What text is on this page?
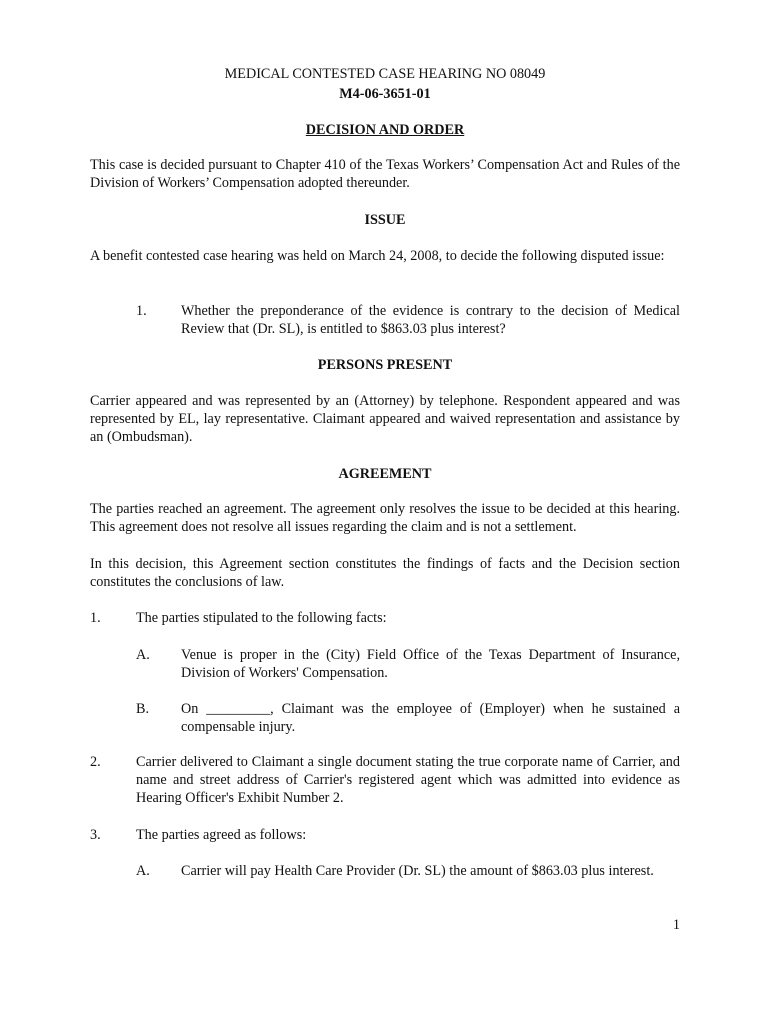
MEDICAL CONTESTED CASE HEARING NO 08049
M4-06-3651-01
DECISION AND ORDER
This case is decided pursuant to Chapter 410 of the Texas Workers’ Compensation Act and Rules of the Division of Workers’ Compensation adopted thereunder.
ISSUE
A benefit contested case hearing was held on March 24, 2008, to decide the following disputed issue:
1. Whether the preponderance of the evidence is contrary to the decision of Medical Review that (Dr. SL), is entitled to $863.03 plus interest?
PERSONS PRESENT
Carrier appeared and was represented by an (Attorney) by telephone. Respondent appeared and was represented by EL, lay representative. Claimant appeared and waived representation and assistance by an (Ombudsman).
AGREEMENT
The parties reached an agreement. The agreement only resolves the issue to be decided at this hearing. This agreement does not resolve all issues regarding the claim and is not a settlement.
In this decision, this Agreement section constitutes the findings of facts and the Decision section constitutes the conclusions of law.
1. The parties stipulated to the following facts:
A. Venue is proper in the (City) Field Office of the Texas Department of Insurance, Division of Workers' Compensation.
B. On _________, Claimant was the employee of (Employer) when he sustained a compensable injury.
2. Carrier delivered to Claimant a single document stating the true corporate name of Carrier, and name and street address of Carrier's registered agent which was admitted into evidence as Hearing Officer's Exhibit Number 2.
3. The parties agreed as follows:
A. Carrier will pay Health Care Provider (Dr. SL) the amount of $863.03 plus interest.
1
